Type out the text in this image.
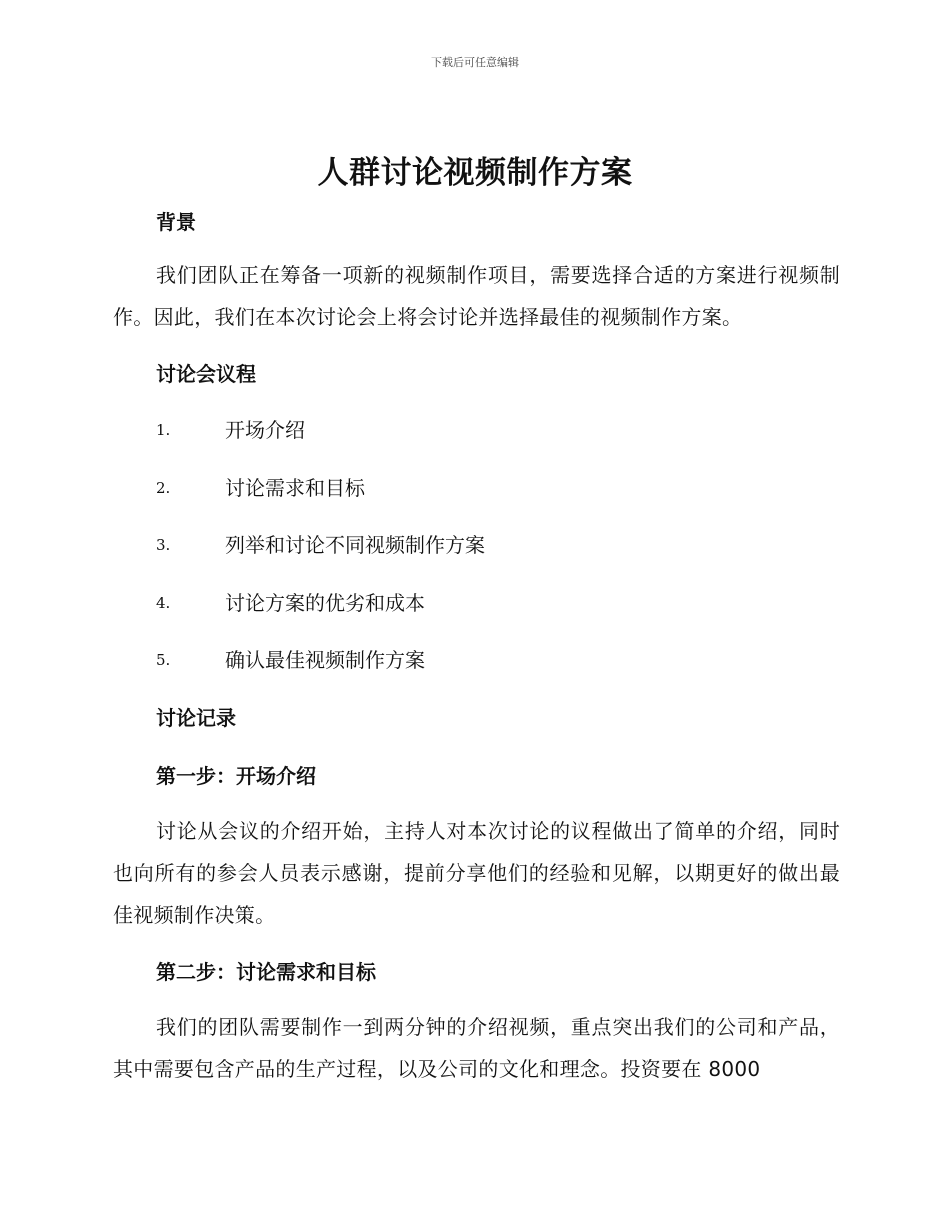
下载后可任意编辑
人群讨论视频制作方案
背景

我们团队正在筹备一项新的视频制作项目，需要选择合适的方案进行视频制作。因此，我们在本次讨论会上将会讨论并选择最佳的视频制作方案。

讨论会议程
1.	开场介绍
2.	讨论需求和目标
3.	列举和讨论不同视频制作方案
4.	讨论方案的优劣和成本
5.	确认最佳视频制作方案
讨论记录
第一步：开场介绍

讨论从会议的介绍开始，主持人对本次讨论的议程做出了简单的介绍，同时也向所有的参会人员表示感谢，提前分享他们的经验和见解，以期更好的做出最佳视频制作决策。

第二步：讨论需求和目标

我们的团队需要制作一到两分钟的介绍视频，重点突出我们的公司和产品，其中需要包含产品的生产过程，以及公司的文化和理念。投资要在 8000
